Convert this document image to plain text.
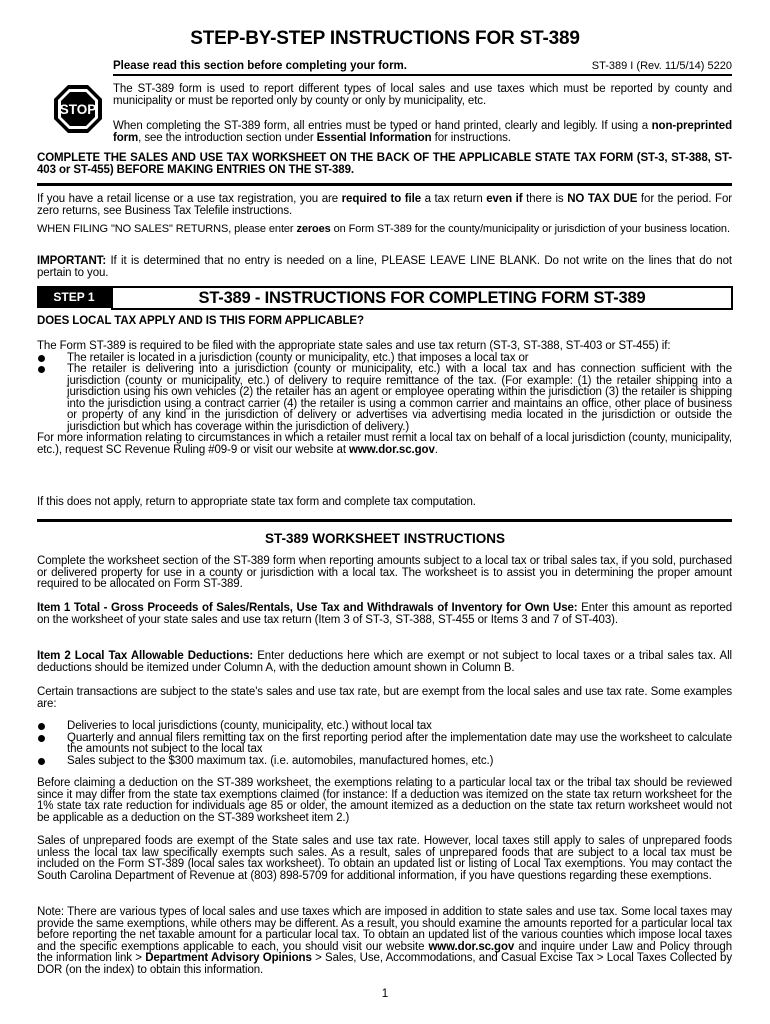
STEP-BY-STEP INSTRUCTIONS FOR ST-389
Please read this section before completing your form.	ST-389 I (Rev. 11/5/14) 5220
STOP

The ST-389 form is used to report different types of local sales and use taxes which must be reported by county and municipality or must be reported only by county or only by municipality, etc.

When completing the ST-389 form, all entries must be typed or hand printed, clearly and legibly. If using a non-preprinted form, see the introduction section under Essential Information for instructions.
COMPLETE THE SALES AND USE TAX WORKSHEET ON THE BACK OF THE APPLICABLE STATE TAX FORM (ST-3, ST-388, ST-403 or ST-455) BEFORE MAKING ENTRIES ON THE ST-389.
If you have a retail license or a use tax registration, you are required to file a tax return even if there is NO TAX DUE for the period. For zero returns, see Business Tax Telefile instructions.
WHEN FILING "NO SALES" RETURNS, please enter zeroes on Form ST-389 for the county/municipality or jurisdiction of your business location.
IMPORTANT: If it is determined that no entry is needed on a line, PLEASE LEAVE LINE BLANK. Do not write on the lines that do not pertain to you.
STEP 1	ST-389 - INSTRUCTIONS FOR COMPLETING FORM ST-389
DOES LOCAL TAX APPLY AND IS THIS FORM APPLICABLE?

The Form ST-389 is required to be filed with the appropriate state sales and use tax return (ST-3, ST-388, ST-403 or ST-455) if:

The retailer is located in a jurisdiction (county or municipality, etc.) that imposes a local tax or
The retailer is delivering into a jurisdiction (county or municipality, etc.) with a local tax and has connection sufficient with the jurisdiction (county or municipality, etc.) of delivery to require remittance of the tax. (For example: (1) the retailer shipping into a jurisdiction using his own vehicles (2) the retailer has an agent or employee operating within the jurisdiction (3) the retailer is shipping into the jurisdiction using a contract carrier (4) the retailer is using a common carrier and maintains an office, other place of business or property of any kind in the jurisdiction of delivery or advertises via advertising media located in the jurisdiction or outside the jurisdiction but which has coverage within the jurisdiction of delivery.)

For more information relating to circumstances in which a retailer must remit a local tax on behalf of a local jurisdiction (county, municipality, etc.), request SC Revenue Ruling #09-9 or visit our website at www.dor.sc.gov.

If this does not apply, return to appropriate state tax form and complete tax computation.
ST-389 WORKSHEET INSTRUCTIONS
Complete the worksheet section of the ST-389 form when reporting amounts subject to a local tax or tribal sales tax, if you sold, purchased or delivered property for use in a county or jurisdiction with a local tax. The worksheet is to assist you in determining the proper amount required to be allocated on Form ST-389.
Item 1 Total - Gross Proceeds of Sales/Rentals, Use Tax and Withdrawals of Inventory for Own Use: Enter this amount as reported on the worksheet of your state sales and use tax return (Item 3 of ST-3, ST-388, ST-455 or Items 3 and 7 of ST-403).
Item 2 Local Tax Allowable Deductions: Enter deductions here which are exempt or not subject to local taxes or a tribal sales tax. All deductions should be itemized under Column A, with the deduction amount shown in Column B.
Certain transactions are subject to the state's sales and use tax rate, but are exempt from the local sales and use tax rate. Some examples are:
Deliveries to local jurisdictions (county, municipality, etc.) without local tax
Quarterly and annual filers remitting tax on the first reporting period after the implementation date may use the worksheet to calculate the amounts not subject to the local tax
Sales subject to the $300 maximum tax. (i.e. automobiles, manufactured homes, etc.)
Before claiming a deduction on the ST-389 worksheet, the exemptions relating to a particular local tax or the tribal tax should be reviewed since it may differ from the state tax exemptions claimed (for instance: If a deduction was itemized on the state tax return worksheet for the 1% state tax rate reduction for individuals age 85 or older, the amount itemized as a deduction on the state tax return worksheet would not be applicable as a deduction on the ST-389 worksheet item 2.)
Sales of unprepared foods are exempt of the State sales and use tax rate. However, local taxes still apply to sales of unprepared foods unless the local tax law specifically exempts such sales. As a result, sales of unprepared foods that are subject to a local tax must be included on the Form ST-389 (local sales tax worksheet). To obtain an updated list or listing of Local Tax exemptions. You may contact the South Carolina Department of Revenue at (803) 898-5709 for additional information, if you have questions regarding these exemptions.
Note: There are various types of local sales and use taxes which are imposed in addition to state sales and use tax. Some local taxes may provide the same exemptions, while others may be different. As a result, you should examine the amounts reported for a particular local tax before reporting the net taxable amount for a particular local tax. To obtain an updated list of the various counties which impose local taxes and the specific exemptions applicable to each, you should visit our website www.dor.sc.gov and inquire under Law and Policy through the information link > Department Advisory Opinions > Sales, Use, Accommodations, and Casual Excise Tax > Local Taxes Collected by DOR (on the index) to obtain this information.
1
